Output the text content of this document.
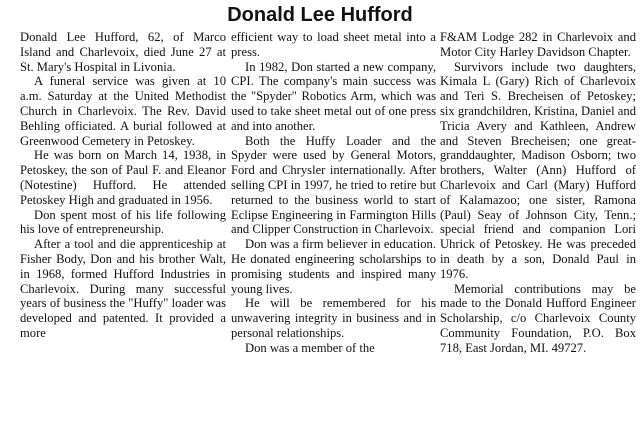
Donald Lee Hufford

Donald Lee Hufford, 62, of Marco Island and Charlevoix, died June 27 at St. Mary's Hospital in Livonia.

A funeral service was given at 10 a.m. Saturday at the United Methodist Church in Charlevoix. The Rev. David Behling officiated. A burial followed at Greenwood Cemetery in Petoskey.

He was born on March 14, 1938, in Petoskey, the son of Paul F. and Eleanor (Notestine) Hufford. He attended Petoskey High and graduated in 1956.

Don spent most of his life following his love of entrepreneurship.

After a tool and die apprenticeship at Fisher Body, Don and his brother Walt, in 1968, formed Hufford Industries in Charlevoix. During many successful years of business the "Huffy" loader was developed and patented. It provided a more

efficient way to load sheet metal into a press.

In 1982, Don started a new company, CPI. The company's main success was the "Spyder" Robotics Arm, which was used to take sheet metal out of one press and into another.

Both the Huffy Loader and the Spyder were used by General Motors, Ford and Chrysler internationally. After selling CPI in 1997, he tried to retire but returned to the business world to start Eclipse Engineering in Farmington Hills and Clipper Construction in Charlevoix.

Don was a firm believer in education. He donated engineering scholarships to promising students and inspired many young lives.

He will be remembered for his unwavering integrity in business and in personal relationships.

Don was a member of the

F&AM Lodge 282 in Charlevoix and Motor City Harley Davidson Chapter.

Survivors include two daughters, Kimala L (Gary) Rich of Charlevoix and Teri S. Brecheisen of Petoskey; six grandchildren, Kristina, Daniel and Tricia Avery and Kathleen, Andrew and Steven Brecheisen; one great-granddaughter, Madison Osborn; two brothers, Walter (Ann) Hufford of Charlevoix and Carl (Mary) Hufford of Kalamazoo; one sister, Ramona (Paul) Seay of Johnson City, Tenn.; special friend and companion Lori Uhrick of Petoskey. He was preceded in death by a son, Donald Paul in 1976.

Memorial contributions may be made to the Donald Hufford Engineer Scholarship, c/o Charlevoix County Community Foundation, P.O. Box 718, East Jordan, MI. 49727.
